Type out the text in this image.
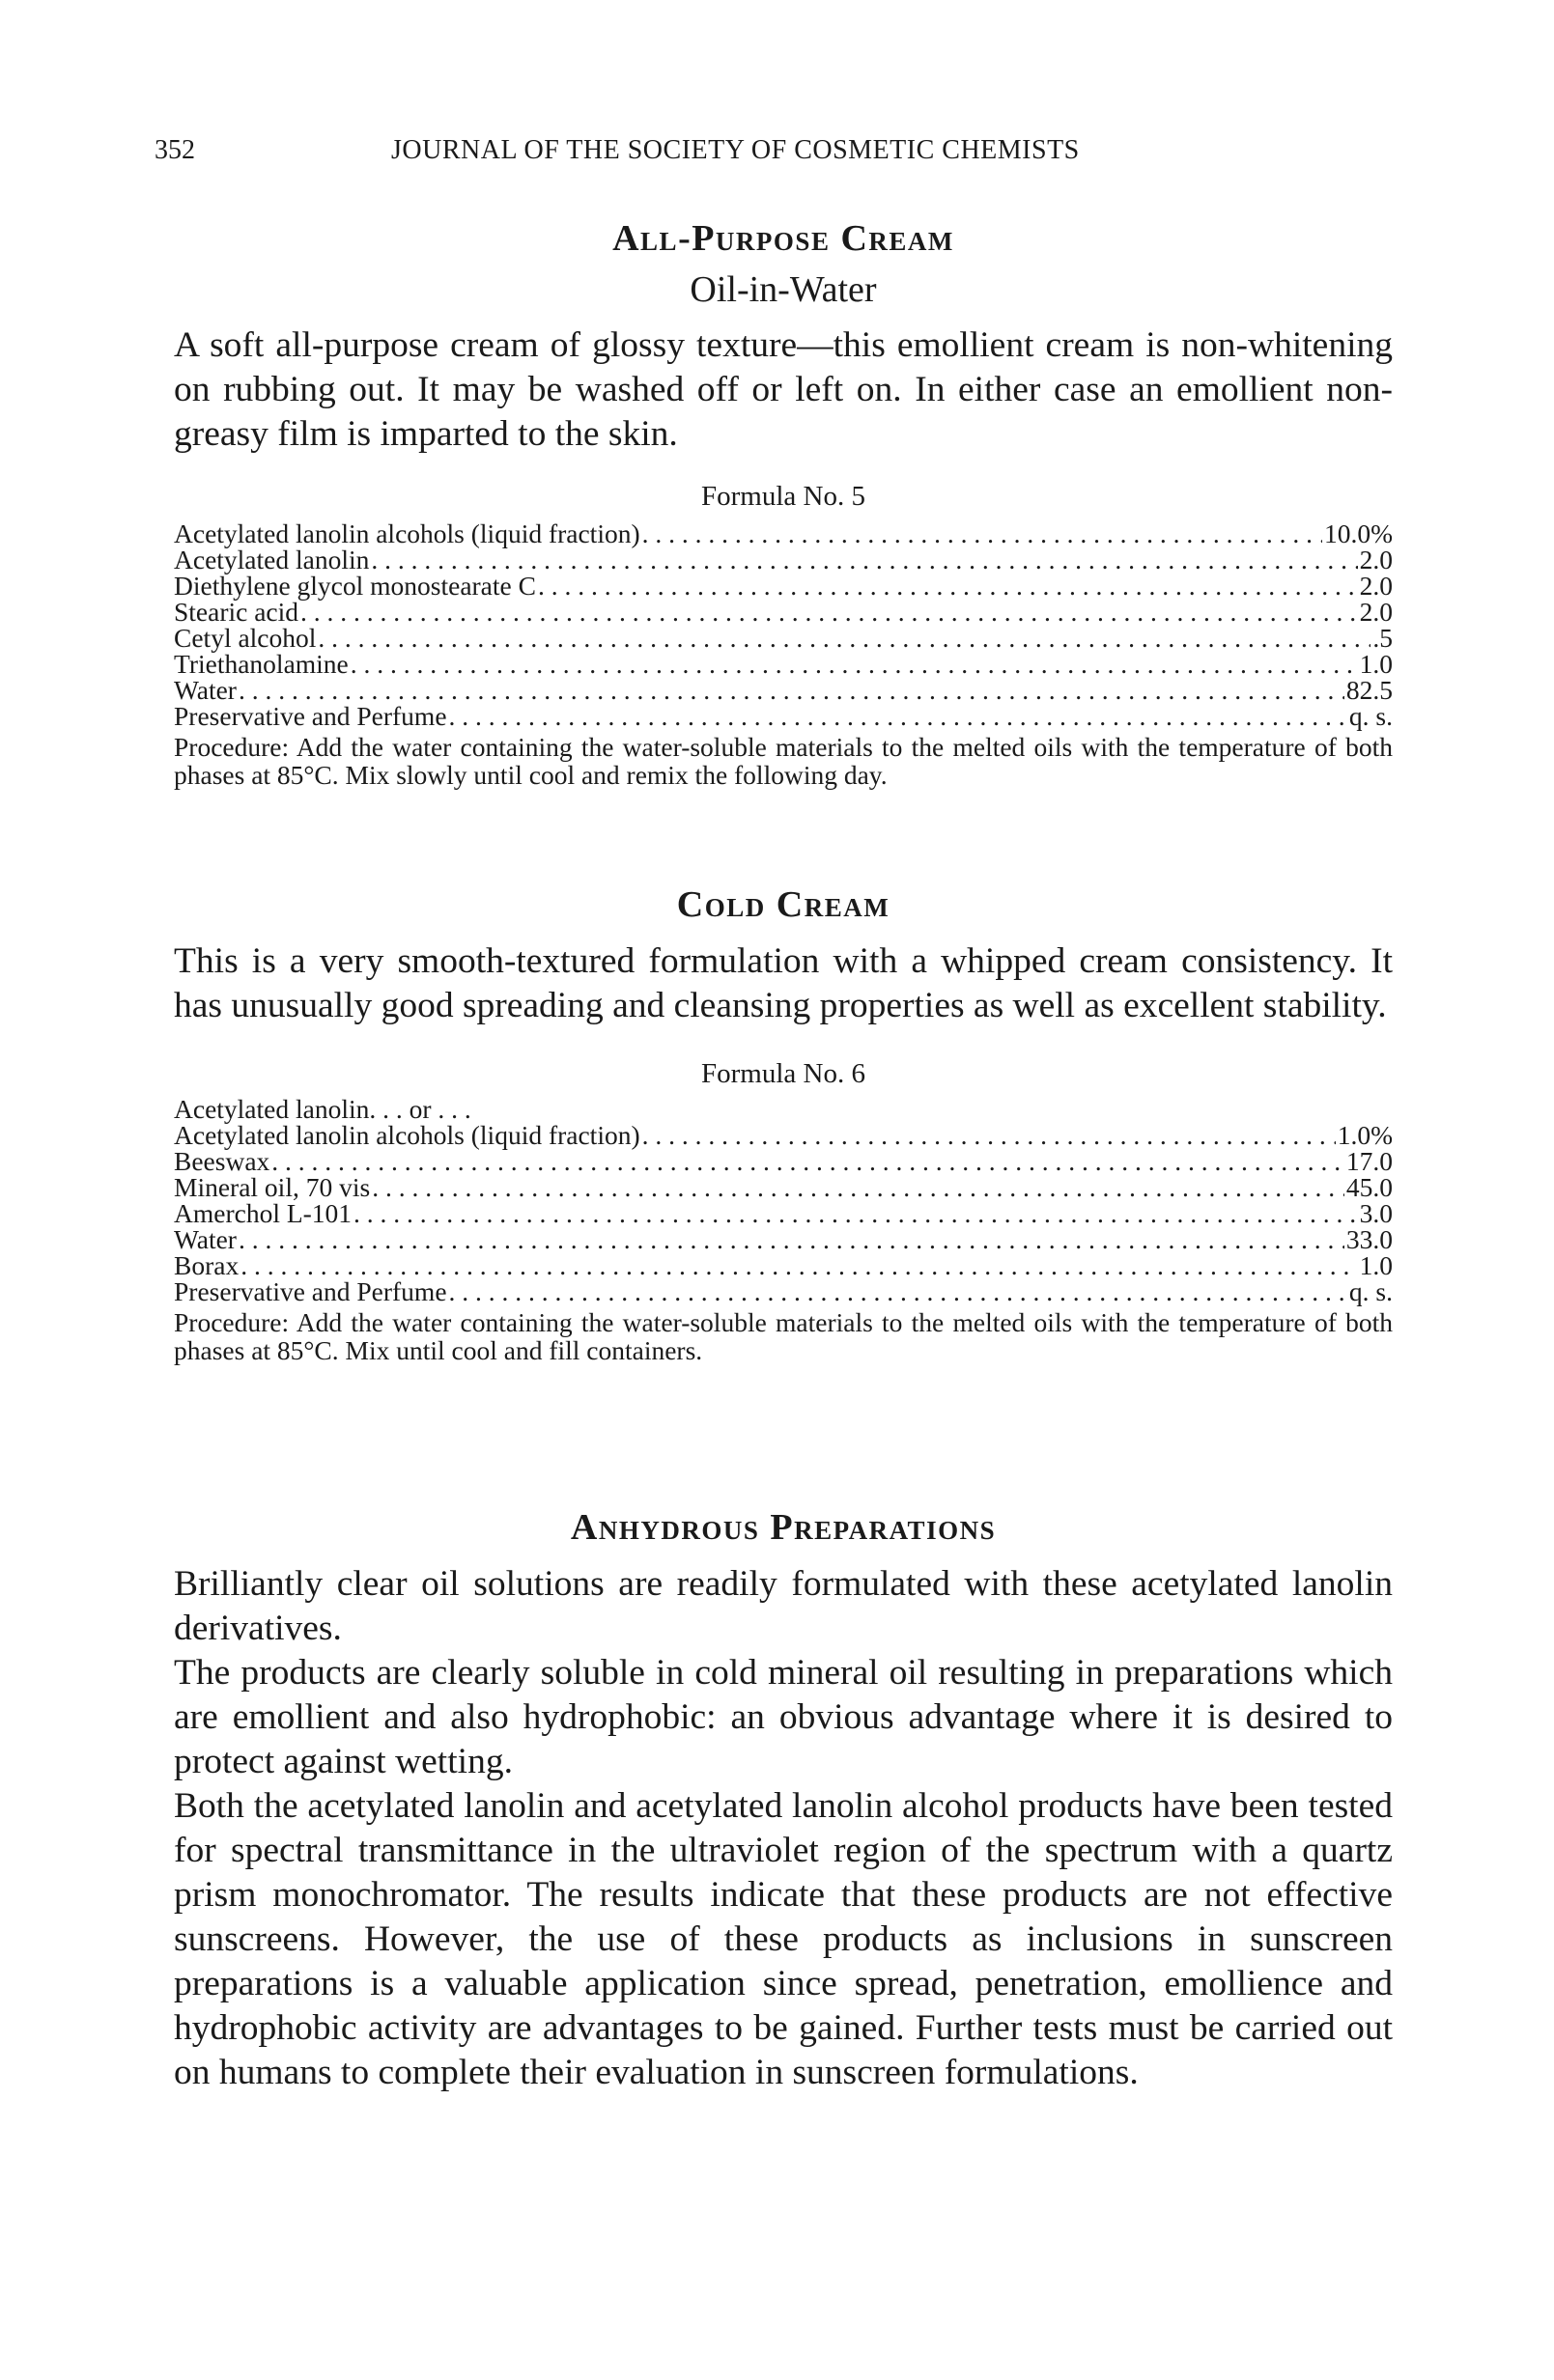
352	JOURNAL OF THE SOCIETY OF COSMETIC CHEMISTS
All-Purpose Cream

Oil-in-Water

A soft all-purpose cream of glossy texture—this emollient cream is non-whitening on rubbing out. It may be washed off or left on. In either case an emollient non-greasy film is imparted to the skin.

Formula No. 5

Acetylated lanolin alcohols (liquid fraction) . . .	10.0%
Acetylated lanolin . . .	2.0
Diethylene glycol monostearate C . . .	2.0
Stearic acid . . .	2.0
Cetyl alcohol . . .	.5
Triethanolamine . . .	1.0
Water . . .	82.5
Preservative and Perfume . . .	q. s.

Procedure: Add the water containing the water-soluble materials to the melted oils with the temperature of both phases at 85°C. Mix slowly until cool and remix the following day.

Cold Cream

This is a very smooth-textured formulation with a whipped cream consistency. It has unusually good spreading and cleansing properties as well as excellent stability.

Formula No. 6

Acetylated lanolin. . . or . . .
Acetylated lanolin alcohols (liquid fraction) . . .	1.0%
Beeswax . . .	17.0
Mineral oil, 70 vis . . .	45.0
Amerchol L-101 . . .	3.0
Water . . .	33.0
Borax . . .	1.0
Preservative and Perfume . . .	q. s.

Procedure: Add the water containing the water-soluble materials to the melted oils with the temperature of both phases at 85°C. Mix until cool and fill containers.

Anhydrous Preparations

Brilliantly clear oil solutions are readily formulated with these acetylated lanolin derivatives.

The products are clearly soluble in cold mineral oil resulting in preparations which are emollient and also hydrophobic: an obvious advantage where it is desired to protect against wetting.

Both the acetylated lanolin and acetylated lanolin alcohol products have been tested for spectral transmittance in the ultraviolet region of the spectrum with a quartz prism monochromator. The results indicate that these products are not effective sunscreens. However, the use of these products as inclusions in sunscreen preparations is a valuable application since spread, penetration, emollience and hydrophobic activity are advantages to be gained. Further tests must be carried out on humans to complete their evaluation in sunscreen formulations.
